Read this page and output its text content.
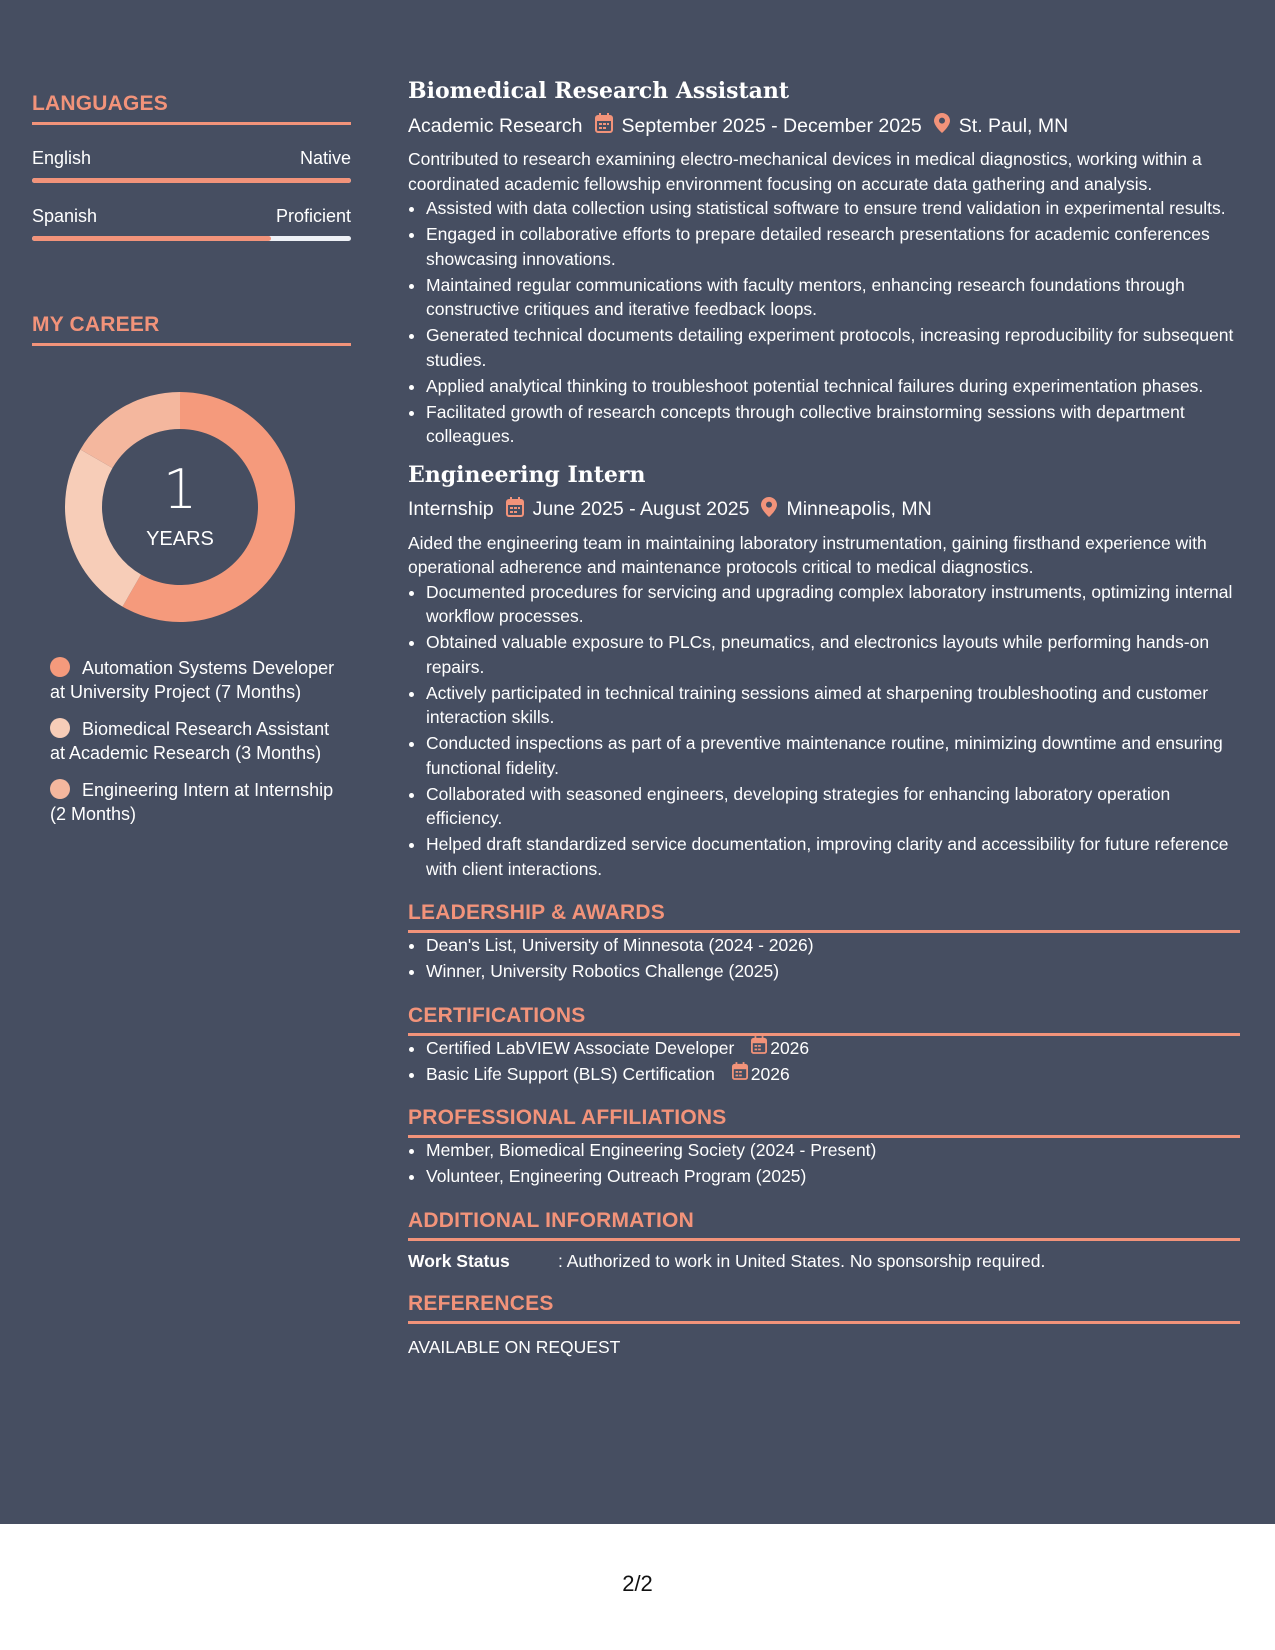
LANGUAGES
English	Native
Spanish	Proficient
MY CAREER
1
YEARS
Automation Systems Developer at University Project (7 Months)
Biomedical Research Assistant at Academic Research (3 Months)
Engineering Intern at Internship (2 Months)
Biomedical Research Assistant
Academic Research September 2025 - December 2025 St. Paul, MN
Contributed to research examining electro-mechanical devices in medical diagnostics, working within a coordinated academic fellowship environment focusing on accurate data gathering and analysis.
• Assisted with data collection using statistical software to ensure trend validation in experimental results.
• Engaged in collaborative efforts to prepare detailed research presentations for academic conferences showcasing innovations.
• Maintained regular communications with faculty mentors, enhancing research foundations through constructive critiques and iterative feedback loops.
• Generated technical documents detailing experiment protocols, increasing reproducibility for subsequent studies.
• Applied analytical thinking to troubleshoot potential technical failures during experimentation phases.
• Facilitated growth of research concepts through collective brainstorming sessions with department colleagues.
Engineering Intern
Internship June 2025 - August 2025 Minneapolis, MN
Aided the engineering team in maintaining laboratory instrumentation, gaining firsthand experience with operational adherence and maintenance protocols critical to medical diagnostics.
• Documented procedures for servicing and upgrading complex laboratory instruments, optimizing internal workflow processes.
• Obtained valuable exposure to PLCs, pneumatics, and electronics layouts while performing hands-on repairs.
• Actively participated in technical training sessions aimed at sharpening troubleshooting and customer interaction skills.
• Conducted inspections as part of a preventive maintenance routine, minimizing downtime and ensuring functional fidelity.
• Collaborated with seasoned engineers, developing strategies for enhancing laboratory operation efficiency.
• Helped draft standardized service documentation, improving clarity and accessibility for future reference with client interactions.
LEADERSHIP & AWARDS
• Dean's List, University of Minnesota (2024 - 2026)
• Winner, University Robotics Challenge (2025)
CERTIFICATIONS
• Certified LabVIEW Associate Developer 2026
• Basic Life Support (BLS) Certification 2026
PROFESSIONAL AFFILIATIONS
• Member, Biomedical Engineering Society (2024 - Present)
• Volunteer, Engineering Outreach Program (2025)
ADDITIONAL INFORMATION
Work Status	: Authorized to work in United States. No sponsorship required.
REFERENCES
AVAILABLE ON REQUEST
2/2
